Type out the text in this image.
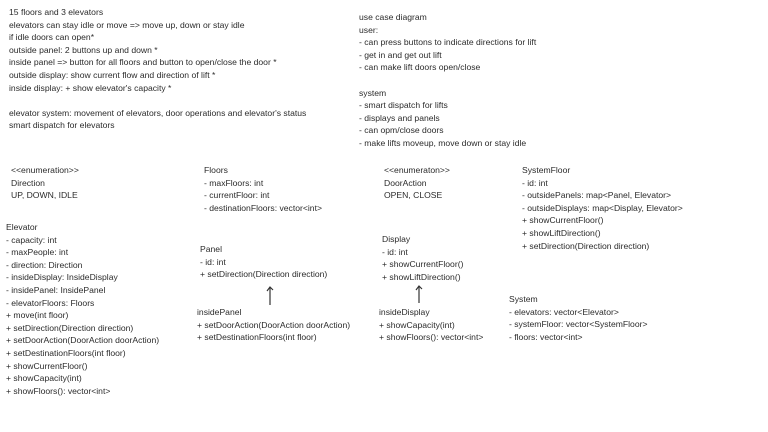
15 floors and 3 elevators
elevators can stay idle or move => move up, down or stay idle
if idle doors can open*
outside panel: 2 buttons up and down *
inside panel => button for all floors and button to open/close the door *
outside display: show current flow and direction of lift *
inside display: + show elevator's capacity *
elevator system: movement of elevators, door operations and elevator's status
smart dispatch for elevators
use case diagram
user:
- can press buttons to indicate directions for lift
- get in and get out lift
- can make lift doors open/close
system
- smart dispatch for lifts
- displays and panels
- can opm/close doors
- make lifts moveup, move down or stay idle
<<enumeration>>
Direction
UP, DOWN, IDLE
Floors
- maxFloors: int
- currentFloor: int
- destinationFloors: vector<int>
<<enumeraton>>
DoorAction
OPEN, CLOSE
SystemFloor
- id: int
- outsidePanels: map<Panel, Elevator>
- outsideDisplays: map<Display, Elevator>
+ showCurrentFloor()
+ showLiftDirection()
+ setDirection(Direction direction)
Elevator
- capacity: int
- maxPeople: int
- direction: Direction
- insideDisplay: InsideDisplay
- insidePanel: InsidePanel
- elevatorFloors: Floors
+ move(int floor)
+ setDirection(Direction direction)
+ setDoorAction(DoorAction doorAction)
+ setDestinationFloors(int floor)
+ showCurrentFloor()
+ showCapacity(int)
+ showFloors(): vector<int>
Panel
- id: int
+ setDirection(Direction direction)
Display
- id: int
+ showCurrentFloor()
+ showLiftDirection()
insidePanel
+ setDoorAction(DoorAction doorAction)
+ setDestinationFloors(int floor)
insideDisplay
+ showCapacity(int)
+ showFloors(): vector<int>
System
- elevators: vector<Elevator>
- systemFloor: vector<SystemFloor>
- floors: vector<int>
